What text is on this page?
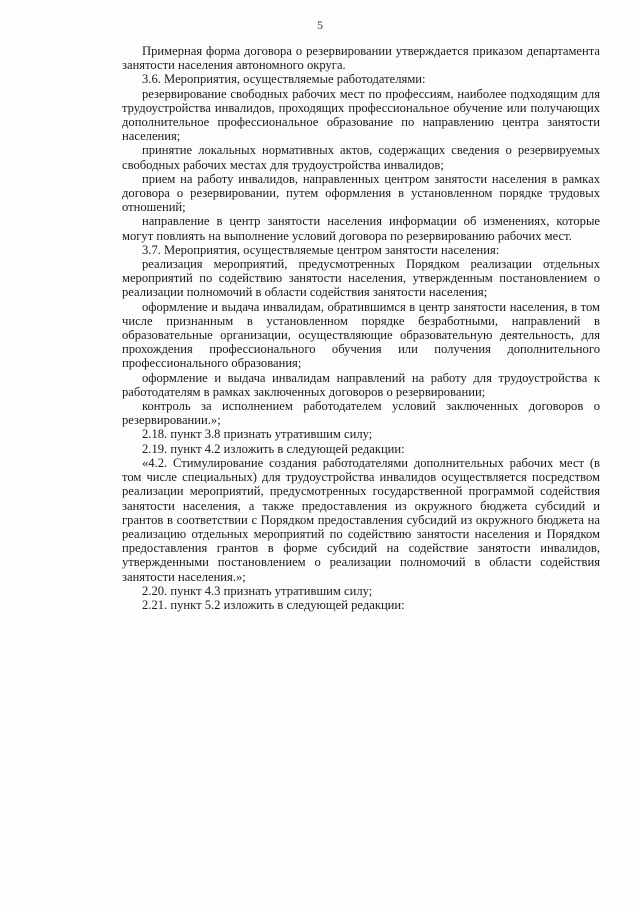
5

Примерная форма договора о резервировании утверждается приказом департамента занятости населения автономного округа.

3.6. Мероприятия, осуществляемые работодателями:

резервирование свободных рабочих мест по профессиям, наиболее подходящим для трудоустройства инвалидов, проходящих профессиональное обучение или получающих дополнительное профессиональное образование по направлению центра занятости населения;

принятие локальных нормативных актов, содержащих сведения о резервируемых свободных рабочих местах для трудоустройства инвалидов;

прием на работу инвалидов, направленных центром занятости населения в рамках договора о резервировании, путем оформления в установленном порядке трудовых отношений;

направление в центр занятости населения информации об изменениях, которые могут повлиять на выполнение условий договора по резервированию рабочих мест.

3.7. Мероприятия, осуществляемые центром занятости населения:

реализация мероприятий, предусмотренных Порядком реализации отдельных мероприятий по содействию занятости населения, утвержденным постановлением о реализации полномочий в области содействия занятости населения;

оформление и выдача инвалидам, обратившимся в центр занятости населения, в том числе признанным в установленном порядке безработными, направлений в образовательные организации, осуществляющие образовательную деятельность, для прохождения профессионального обучения или получения дополнительного профессионального образования;

оформление и выдача инвалидам направлений на работу для трудоустройства к работодателям в рамках заключенных договоров о резервировании;

контроль за исполнением работодателем условий заключенных договоров о резервировании.»;

2.18. пункт 3.8 признать утратившим силу;

2.19. пункт 4.2 изложить в следующей редакции:

«4.2. Стимулирование создания работодателями дополнительных рабочих мест (в том числе специальных) для трудоустройства инвалидов осуществляется посредством реализации мероприятий, предусмотренных государственной программой содействия занятости населения, а также предоставления из окружного бюджета субсидий и грантов в соответствии с Порядком предоставления субсидий из окружного бюджета на реализацию отдельных мероприятий по содействию занятости населения и Порядком предоставления грантов в форме субсидий на содействие занятости инвалидов, утвержденными постановлением о реализации полномочий в области содействия занятости населения.»;

2.20. пункт 4.3 признать утратившим силу;

2.21. пункт 5.2 изложить в следующей редакции:
